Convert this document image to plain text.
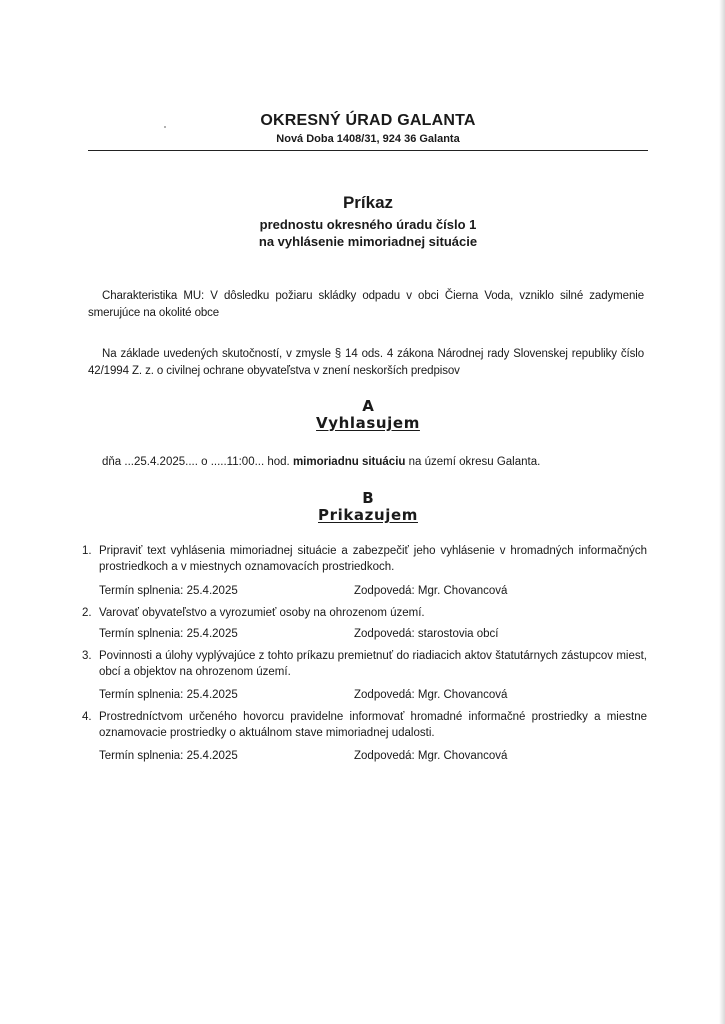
OKRESNÝ ÚRAD GALANTA
Nová Doba 1408/31, 924 36 Galanta
Príkaz
prednostu okresného úradu číslo 1
na vyhlásenie mimoriadnej situácie
Charakteristika MU: V dôsledku požiaru skládky odpadu v obci Čierna Voda, vzniklo silné zadymenie smerujúce na okolité obce
Na základe uvedených skutočností, v zmysle § 14 ods. 4 zákona Národnej rady Slovenskej republiky číslo 42/1994 Z. z. o civilnej ochrane obyvateľstva v znení neskorších predpisov
A
Vyhlasujem
dňa ...25.4.2025.... o .....11:00... hod. mimoriadnu situáciu na území okresu Galanta.
B
Prikazujem
1. Pripraviť text vyhlásenia mimoriadnej situácie a zabezpečiť jeho vyhlásenie v hromadných informačných prostriedkoch a v miestnych oznamovacích prostriedkoch.
Termín splnenia: 25.4.2025	Zodpovedá: Mgr. Chovancová
2. Varovať obyvateľstvo a vyrozumieť osoby na ohrozenom území.
Termín splnenia: 25.4.2025	Zodpovedá: starostovia obcí
3. Povinnosti a úlohy vyplývajúce z tohto príkazu premietnuť do riadiacich aktov štatutárnych zástupcov miest, obcí a objektov na ohrozenom území.
Termín splnenia: 25.4.2025	Zodpovedá: Mgr. Chovancová
4. Prostredníctvom určeného hovorcu pravidelne informovať hromadné informačné prostriedky a miestne oznamovacie prostriedky o aktuálnom stave mimoriadnej udalosti.
Termín splnenia: 25.4.2025	Zodpovedá: Mgr. Chovancová
